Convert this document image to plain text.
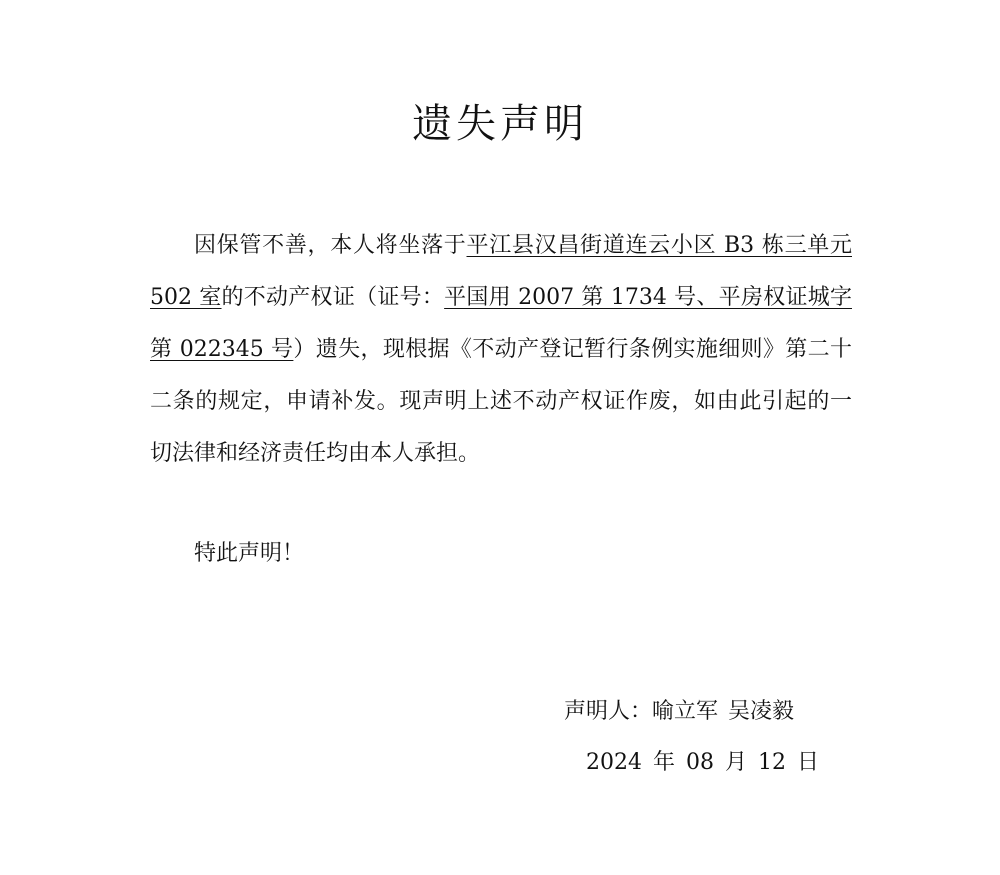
遗失声明
因保管不善，本人将坐落于平江县汉昌街道连云小区 B3 栋三单元 502 室的不动产权证（证号：平国用 2007 第 1734 号、平房权证城字第 022345 号）遗失，现根据《不动产登记暂行条例实施细则》第二十二条的规定，申请补发。现声明上述不动产权证作废，如由此引起的一切法律和经济责任均由本人承担。
特此声明！
声明人：喻立军 吴凌毅
2024 年 08 月 12 日
